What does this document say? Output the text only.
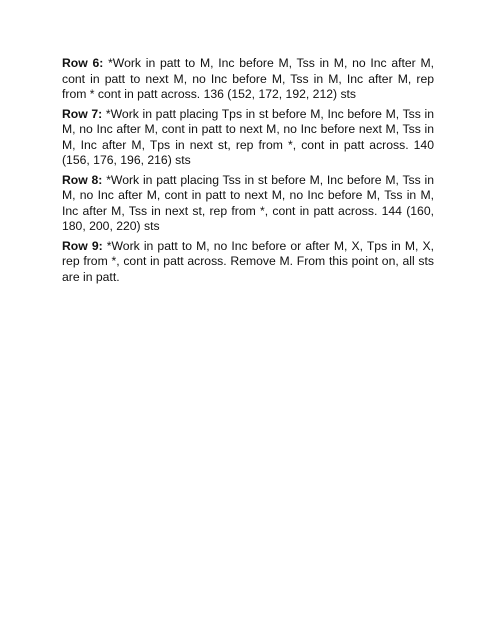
Row 6: *Work in patt to M, Inc before M, Tss in M, no Inc after M, cont in patt to next M, no Inc before M, Tss in M, Inc after M, rep from * cont in patt across. 136 (152, 172, 192, 212) sts

Row 7: *Work in patt placing Tps in st before M, Inc before M, Tss in M, no Inc after M, cont in patt to next M, no Inc before next M, Tss in M, Inc after M, Tps in next st, rep from *, cont in patt across. 140 (156, 176, 196, 216) sts

Row 8: *Work in patt placing Tss in st before M, Inc before M, Tss in M, no Inc after M, cont in patt to next M, no Inc before M, Tss in M, Inc after M, Tss in next st, rep from *, cont in patt across. 144 (160, 180, 200, 220) sts

Row 9: *Work in patt to M, no Inc before or after M, X, Tps in M, X, rep from *, cont in patt across. Remove M. From this point on, all sts are in patt.
